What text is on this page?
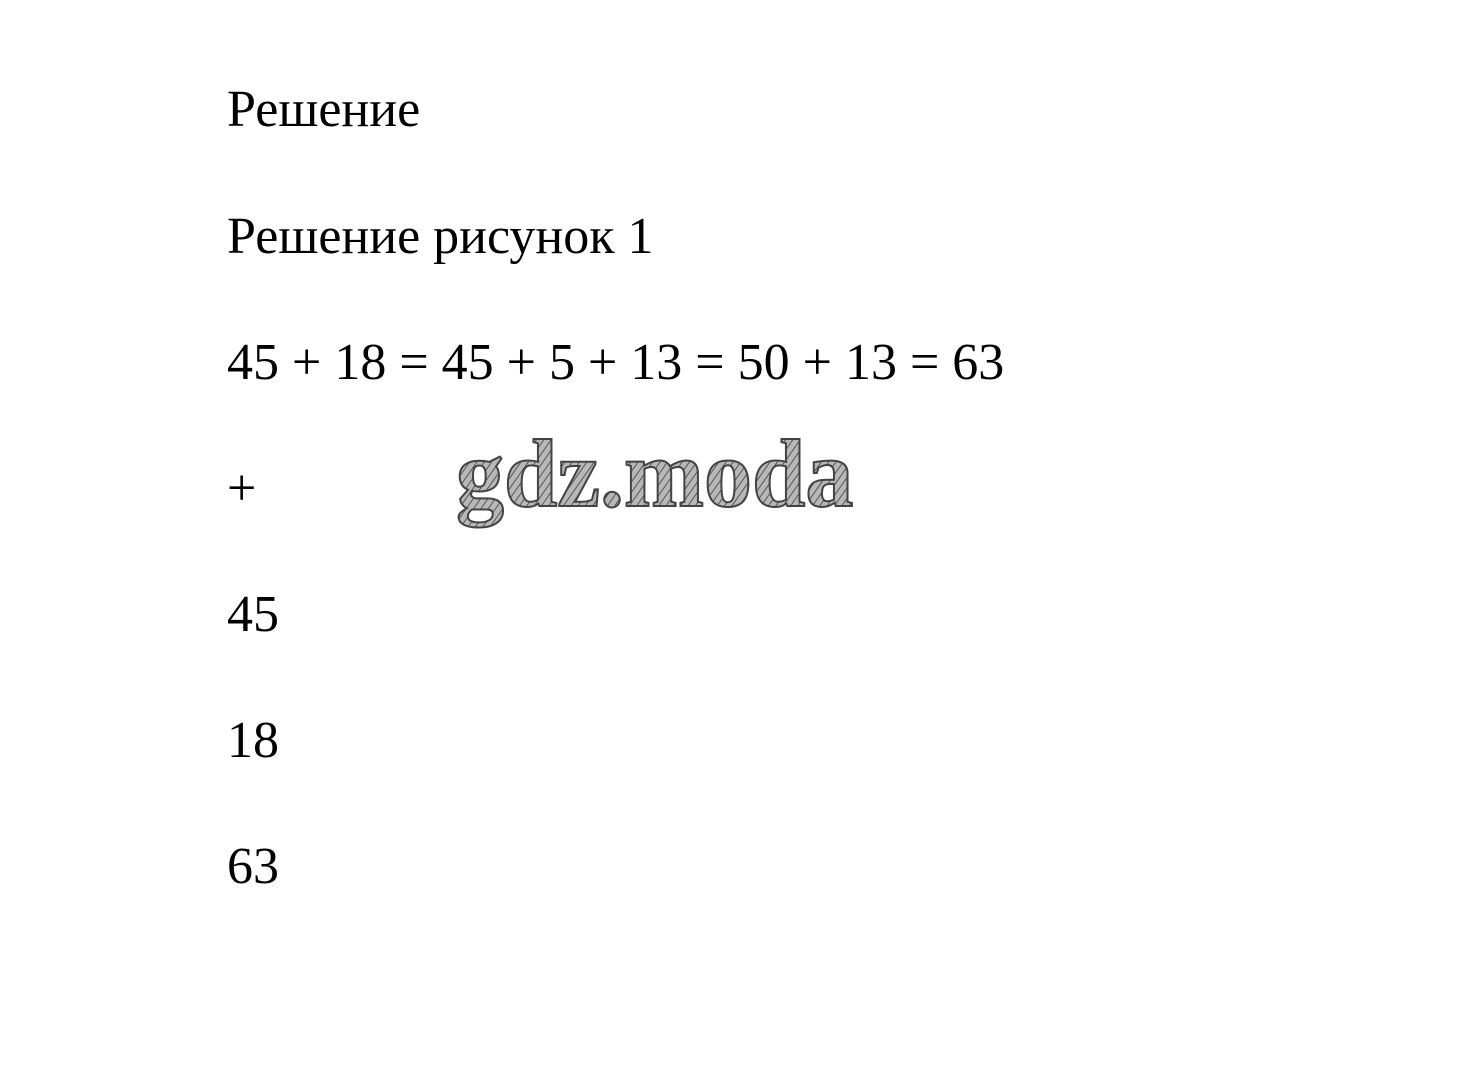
Решение

Решение рисунок 1

45 + 18 = 45 + 5 + 13 = 50 + 13 = 63

+

45

18

63

gdz.moda
